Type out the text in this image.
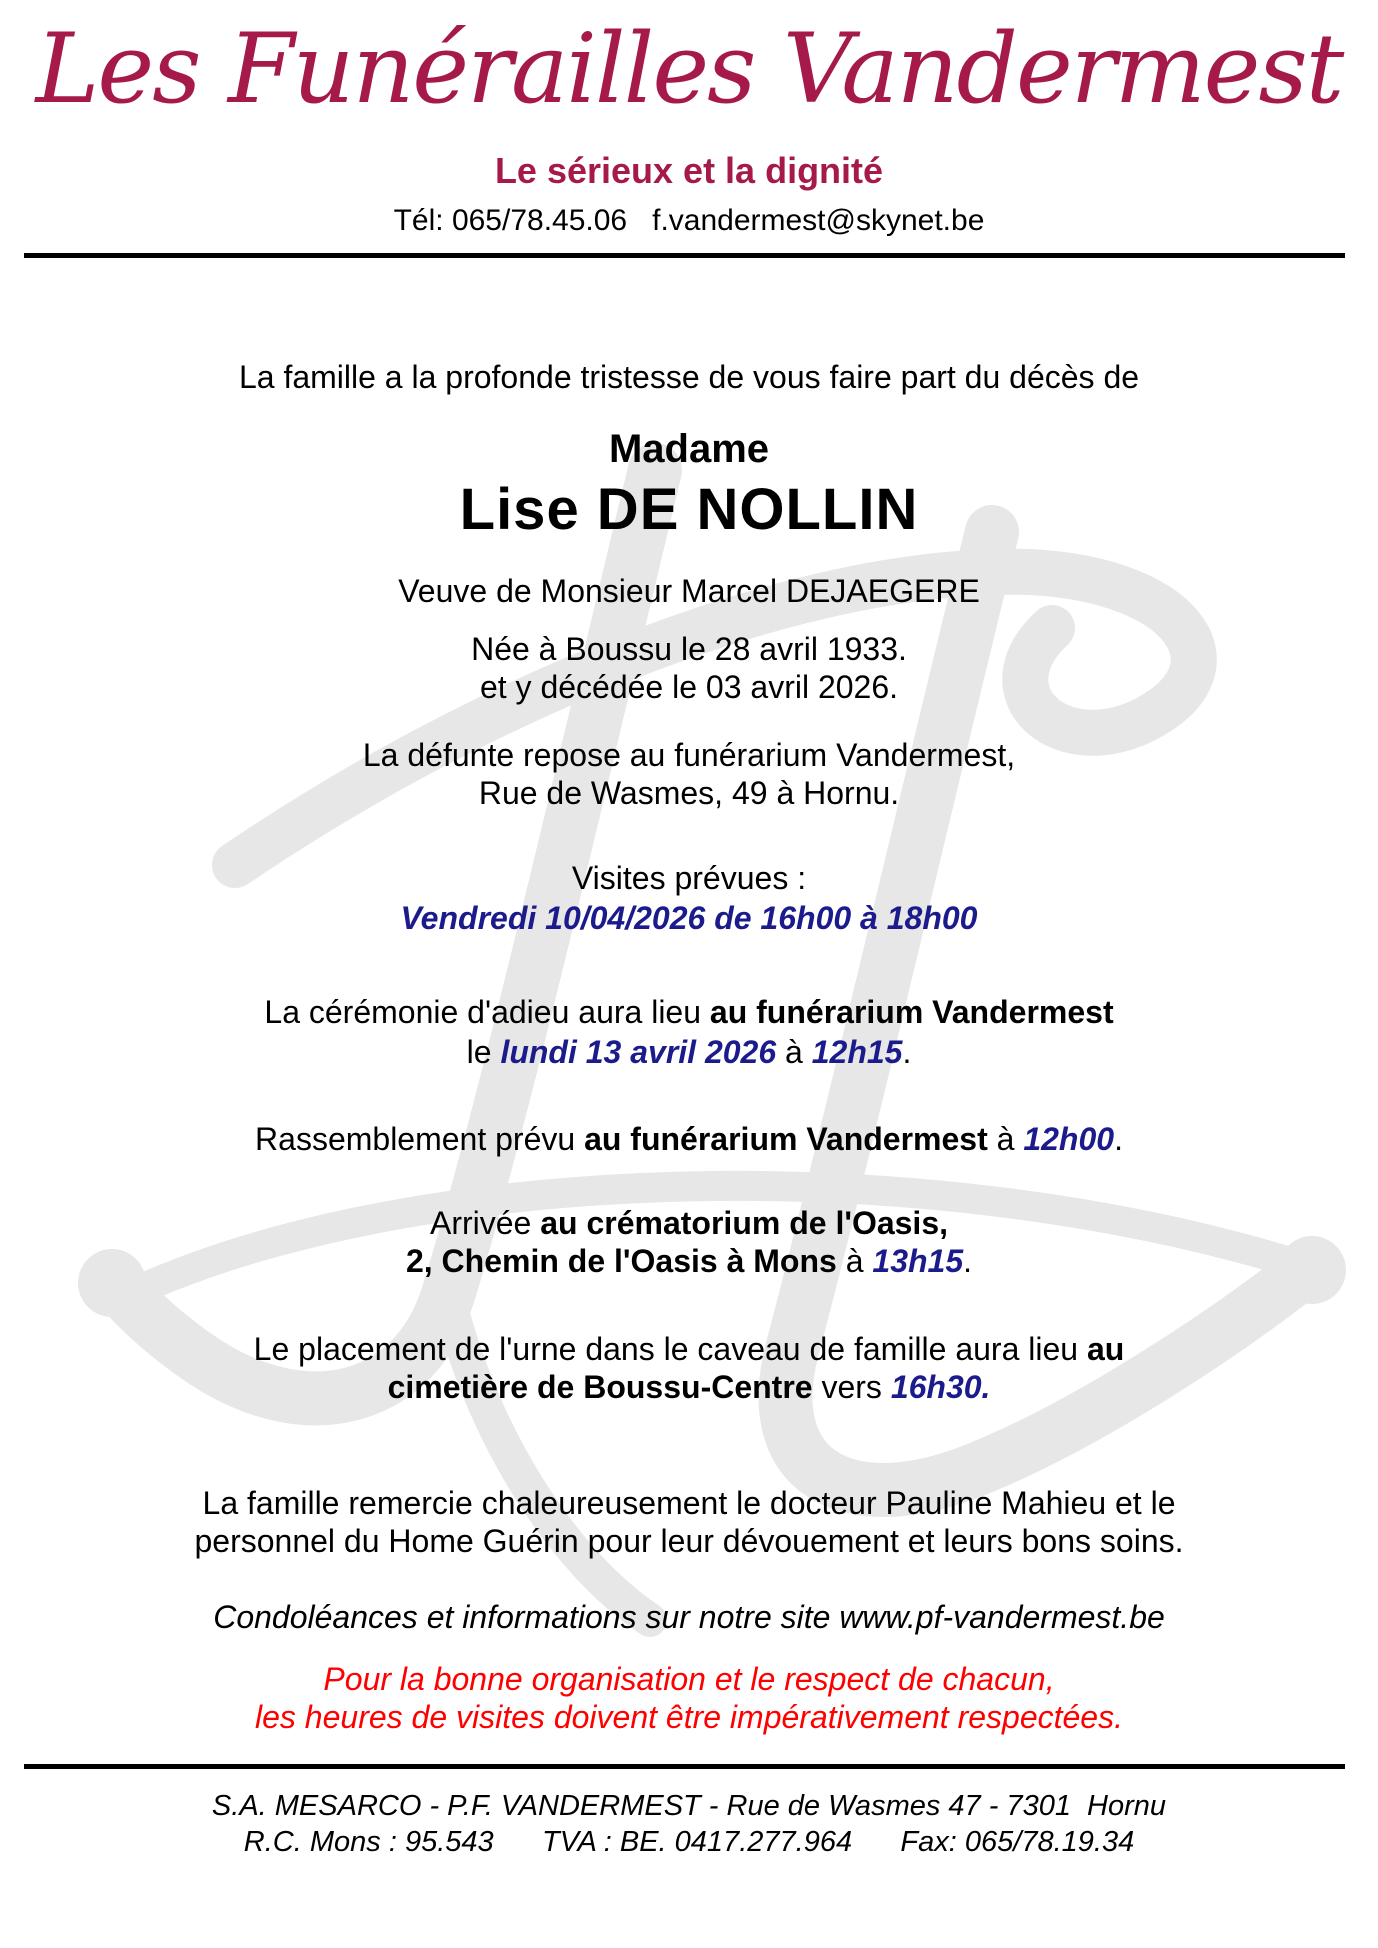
Les Funérailles Vandermest
Le sérieux et la dignité
Tél: 065/78.45.06   f.vandermest@skynet.be
La famille a la profonde tristesse de vous faire part du décès de
Madame
Lise DE NOLLIN
Veuve de Monsieur Marcel DEJAEGERE
Née à Boussu le 28 avril 1933.
et y décédée le 03 avril 2026.
La défunte repose au funérarium Vandermest,
Rue de Wasmes, 49 à Hornu.
Visites prévues :
Vendredi 10/04/2026 de 16h00 à 18h00
La cérémonie d'adieu aura lieu au funérarium Vandermest
le lundi 13 avril 2026 à 12h15.
Rassemblement prévu au funérarium Vandermest à 12h00.
Arrivée au crématorium de l'Oasis,
2, Chemin de l'Oasis à Mons à 13h15.
Le placement de l'urne dans le caveau de famille aura lieu au
cimetière de Boussu-Centre vers 16h30.
La famille remercie chaleureusement le docteur Pauline Mahieu et le
personnel du Home Guérin pour leur dévouement et leurs bons soins.
Condoléances et informations sur notre site www.pf-vandermest.be
Pour la bonne organisation et le respect de chacun,
les heures de visites doivent être impérativement respectées.
S.A. MESARCO - P.F. VANDERMEST - Rue de Wasmes 47 - 7301  Hornu
R.C. Mons : 95.543      TVA : BE. 0417.277.964      Fax: 065/78.19.34
